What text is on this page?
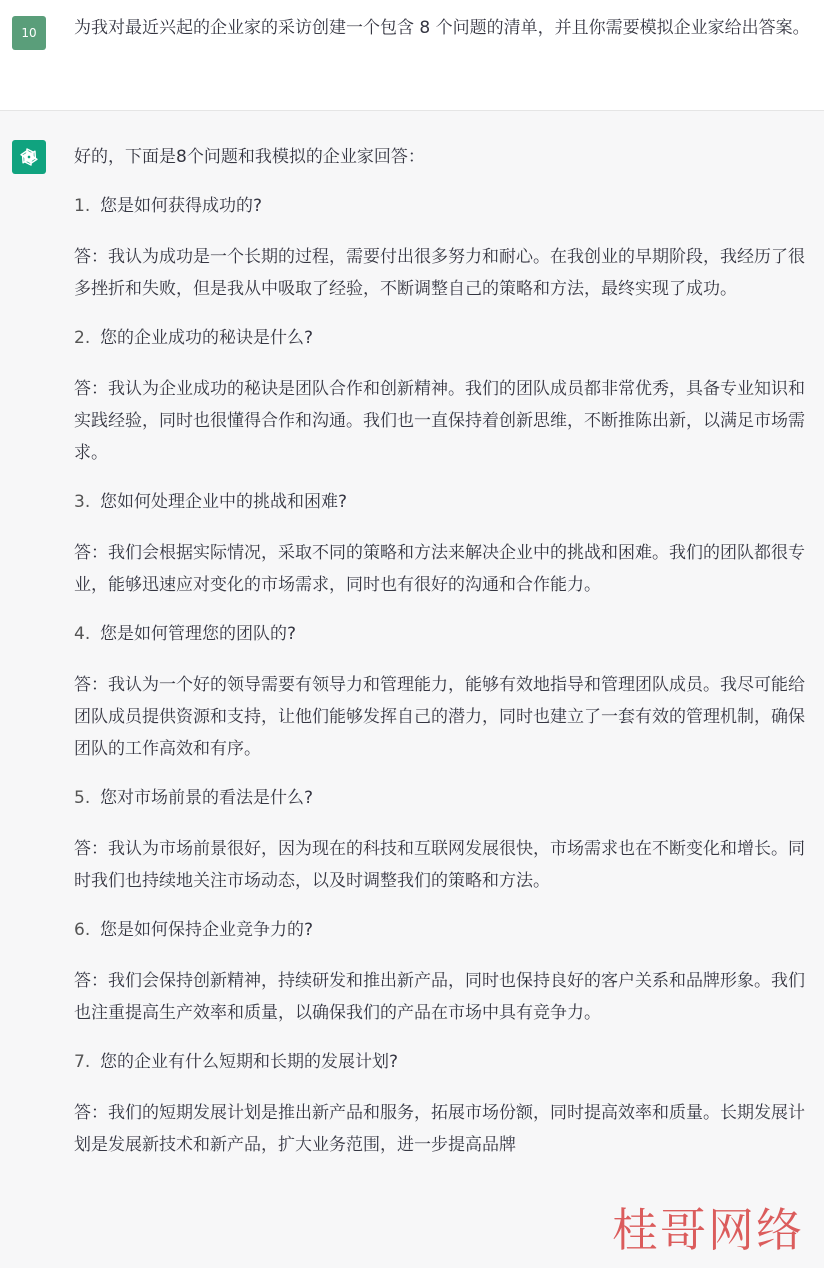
10	为我对最近兴起的企业家的采访创建一个包含 8 个问题的清单，并且你需要模拟企业家给出答案。
好的，下面是8个问题和我模拟的企业家回答：
1. 您是如何获得成功的?
答：我认为成功是一个长期的过程，需要付出很多努力和耐心。在我创业的早期阶段，我经历了很多挫折和失败，但是我从中吸取了经验，不断调整自己的策略和方法，最终实现了成功。
2. 您的企业成功的秘诀是什么?
答：我认为企业成功的秘诀是团队合作和创新精神。我们的团队成员都非常优秀，具备专业知识和实践经验，同时也很懂得合作和沟通。我们也一直保持着创新思维，不断推陈出新，以满足市场需求。
3. 您如何处理企业中的挑战和困难?
答：我们会根据实际情况，采取不同的策略和方法来解决企业中的挑战和困难。我们的团队都很专业，能够迅速应对变化的市场需求，同时也有很好的沟通和合作能力。
4. 您是如何管理您的团队的?
答：我认为一个好的领导需要有领导力和管理能力，能够有效地指导和管理团队成员。我尽可能给团队成员提供资源和支持，让他们能够发挥自己的潜力，同时也建立了一套有效的管理机制，确保团队的工作高效和有序。
5. 您对市场前景的看法是什么?
答：我认为市场前景很好，因为现在的科技和互联网发展很快，市场需求也在不断变化和增长。同时我们也持续地关注市场动态，以及时调整我们的策略和方法。
6. 您是如何保持企业竞争力的?
答：我们会保持创新精神，持续研发和推出新产品，同时也保持良好的客户关系和品牌形象。我们也注重提高生产效率和质量，以确保我们的产品在市场中具有竞争力。
7. 您的企业有什么短期和长期的发展计划?
答：我们的短期发展计划是推出新产品和服务，拓展市场份额，同时提高效率和质量。长期发展计划是发展新技术和新产品，扩大业务范围，进一步提高品牌
桂哥网络
